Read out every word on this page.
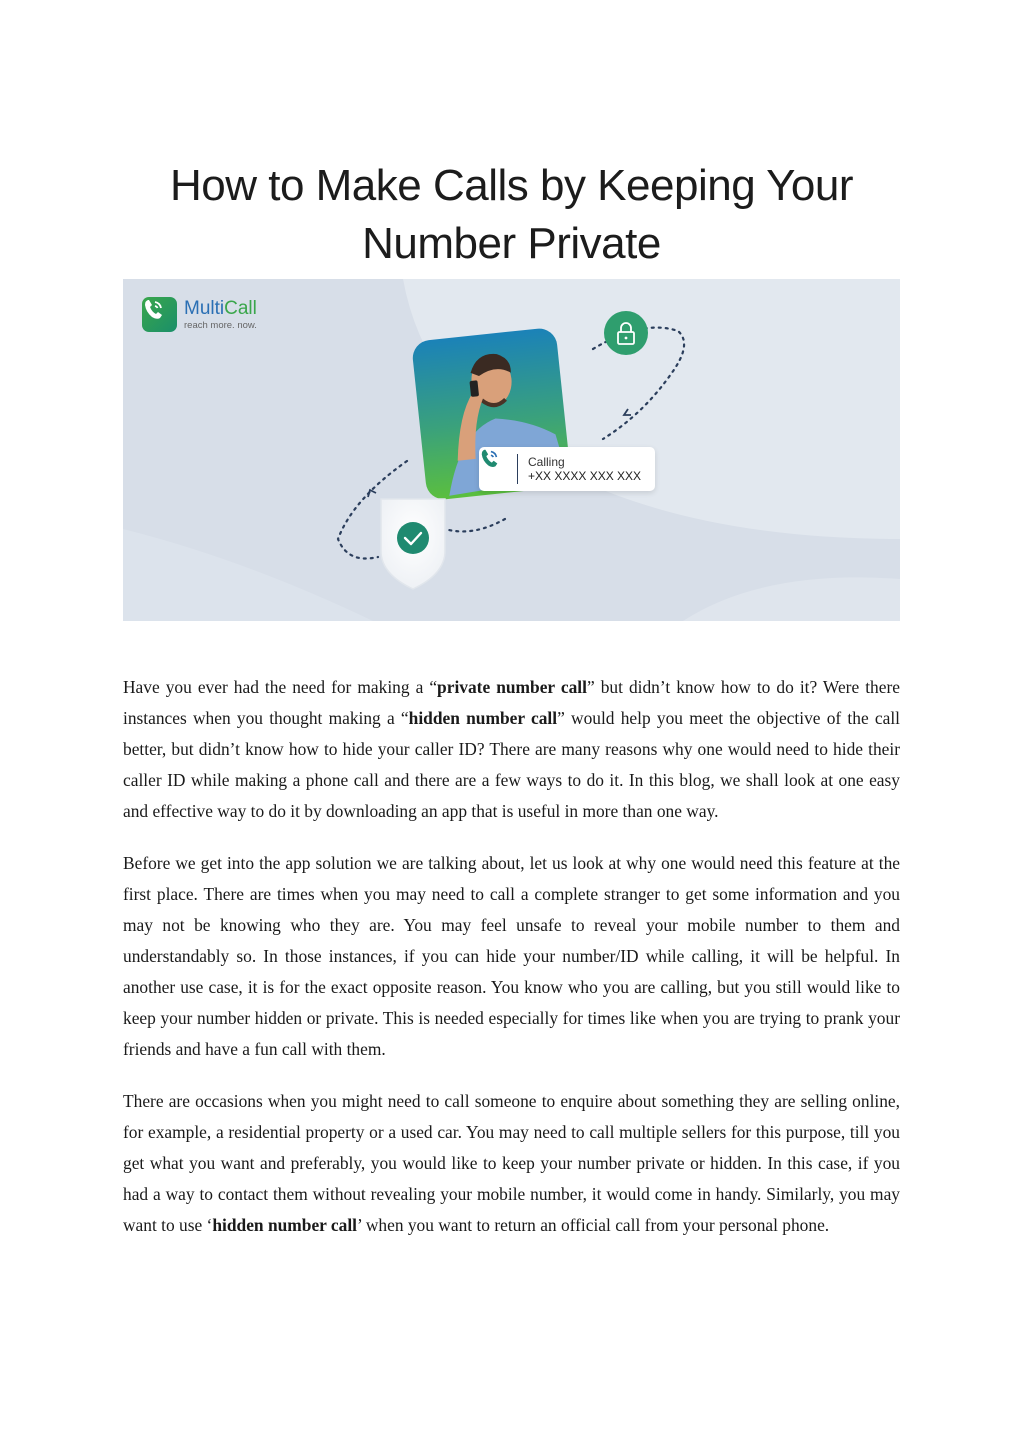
How to Make Calls by Keeping Your Number Private
MultiCall
reach more. now.
Calling
+XX XXXX XXX XXX

Have you ever had the need for making a “private number call” but didn’t know how to do it? Were there instances when you thought making a “hidden number call” would help you meet the objective of the call better, but didn’t know how to hide your caller ID? There are many reasons why one would need to hide their caller ID while making a phone call and there are a few ways to do it. In this blog, we shall look at one easy and effective way to do it by downloading an app that is useful in more than one way.

Before we get into the app solution we are talking about, let us look at why one would need this feature at the first place. There are times when you may need to call a complete stranger to get some information and you may not be knowing who they are. You may feel unsafe to reveal your mobile number to them and understandably so. In those instances, if you can hide your number/ID while calling, it will be helpful. In another use case, it is for the exact opposite reason. You know who you are calling, but you still would like to keep your number hidden or private. This is needed especially for times like when you are trying to prank your friends and have a fun call with them.

There are occasions when you might need to call someone to enquire about something they are selling online, for example, a residential property or a used car. You may need to call multiple sellers for this purpose, till you get what you want and preferably, you would like to keep your number private or hidden. In this case, if you had a way to contact them without revealing your mobile number, it would come in handy. Similarly, you may want to use ‘hidden number call’ when you want to return an official call from your personal phone.
